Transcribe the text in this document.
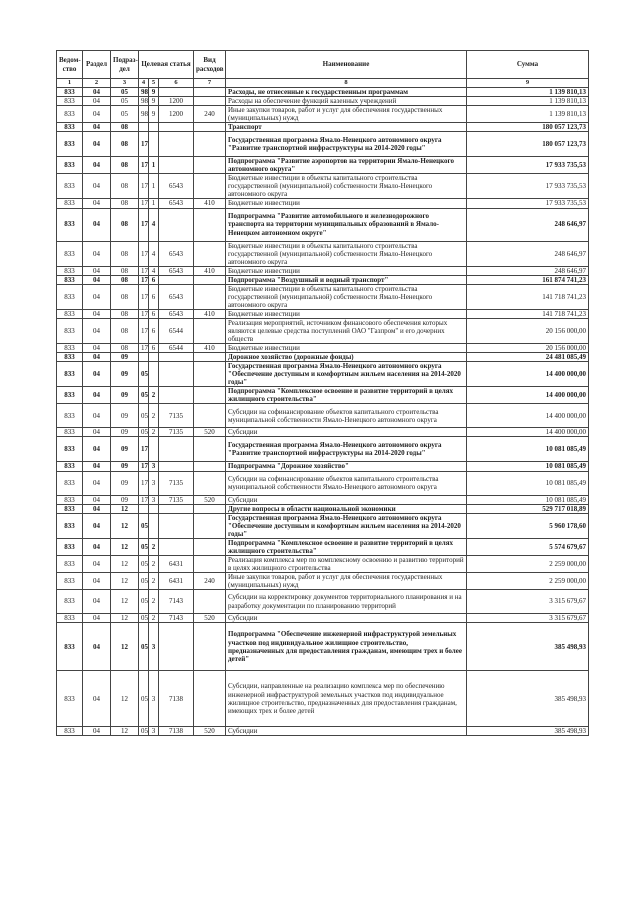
Ведом-ство	Раздел	Подраз-дел	Целевая статья			Вид расходов	Наименование	Сумма
1	2	3	4	5	6	7	8	9
833	04	05	98	9			Расходы, не отнесенные к государственным программам	1 139 810,13
833	04	05	98	9	1200		Расходы на обеспечение функций казенных учреждений	1 139 810,13
833	04	05	98	9	1200	240	Иные закупки товаров, работ и услуг для обеспечения государственных (муниципальных) нужд	1 139 810,13
833	04	08					Транспорт	180 057 123,73
833	04	08	17				Государственная программа Ямало-Ненецкого автономного округа "Развитие транспортной инфраструктуры на 2014-2020 годы"	180 057 123,73
833	04	08	17	1			Подпрограмма "Развитие аэропортов на территории Ямало-Ненецкого автономного округа"	17 933 735,53
833	04	08	17	1	6543		Бюджетные инвестиции в объекты капитального строительства государственной (муниципальной) собственности Ямало-Ненецкого автономного округа	17 933 735,53
833	04	08	17	1	6543	410	Бюджетные инвестиции	17 933 735,53
833	04	08	17	4			Подпрограмма "Развитие автомобильного и железнодорожного транспорта на территории муниципальных образований в Ямало-Ненецком автономном округе"	248 646,97
833	04	08	17	4	6543		Бюджетные инвестиции в объекты капитального строительства государственной (муниципальной) собственности Ямало-Ненецкого автономного округа	248 646,97
833	04	08	17	4	6543	410	Бюджетные инвестиции	248 646,97
833	04	08	17	6			Подпрограмма "Воздушный и водный транспорт"	161 874 741,23
833	04	08	17	6	6543		Бюджетные инвестиции в объекты капитального строительства государственной (муниципальной) собственности Ямало-Ненецкого автономного округа	141 718 741,23
833	04	08	17	6	6543	410	Бюджетные инвестиции	141 718 741,23
833	04	08	17	6	6544		Реализация мероприятий, источником финансового обеспечения которых являются целевые средства поступлений ОАО "Газпром" и его дочерних обществ	20 156 000,00
833	04	08	17	6	6544	410	Бюджетные инвестиции	20 156 000,00
833	04	09					Дорожное хозяйство (дорожные фонды)	24 481 085,49
833	04	09	05				Государственная программа Ямало-Ненецкого автономного округа "Обеспечение доступным и комфортным жильем населения на 2014-2020 годы"	14 400 000,00
833	04	09	05	2			Подпрограмма "Комплексное освоение и развитие территорий в целях жилищного строительства"	14 400 000,00
833	04	09	05	2	7135		Субсидии на софинансирование объектов капитального строительства муниципальной собственности Ямало-Ненецкого автономного округа	14 400 000,00
833	04	09	05	2	7135	520	Субсидии	14 400 000,00
833	04	09	17				Государственная программа Ямало-Ненецкого автономного округа "Развитие транспортной инфраструктуры на 2014-2020 годы"	10 081 085,49
833	04	09	17	3			Подпрограмма "Дорожное хозяйство"	10 081 085,49
833	04	09	17	3	7135		Субсидии на софинансирование объектов капитального строительства муниципальной собственности Ямало-Ненецкого автономного округа	10 081 085,49
833	04	09	17	3	7135	520	Субсидии	10 081 085,49
833	04	12					Другие вопросы в области национальной экономики	529 717 018,89
833	04	12	05				Государственная программа Ямало-Ненецкого автономного округа "Обеспечение доступным и комфортным жильем населения на 2014-2020 годы"	5 960 178,60
833	04	12	05	2			Подпрограмма "Комплексное освоение и развитие территорий в целях жилищного строительства"	5 574 679,67
833	04	12	05	2	6431		Реализация комплекса мер по комплексному освоению и развитию территорий в целях жилищного строительства	2 259 000,00
833	04	12	05	2	6431	240	Иные закупки товаров, работ и услуг для обеспечения государственных (муниципальных) нужд	2 259 000,00
833	04	12	05	2	7143		Субсидии на корректировку документов территориального планирования и на разработку документации по планированию территорий	3 315 679,67
833	04	12	05	2	7143	520	Субсидии	3 315 679,67
833	04	12	05	3			Подпрограмма "Обеспечение инженерной инфраструктурой земельных участков под индивидуальное жилищное строительство, предназначенных для предоставления гражданам, имеющим трех и более детей"	385 498,93
833	04	12	05	3	7138		Субсидии, направленные на реализацию комплекса мер по обеспечению инженерной инфраструктурой земельных участков под индивидуальное жилищное строительство, предназначенных для предоставления гражданам, имеющих трех и более детей	385 498,93
833	04	12	05	3	7138	520	Субсидии	385 498,93
